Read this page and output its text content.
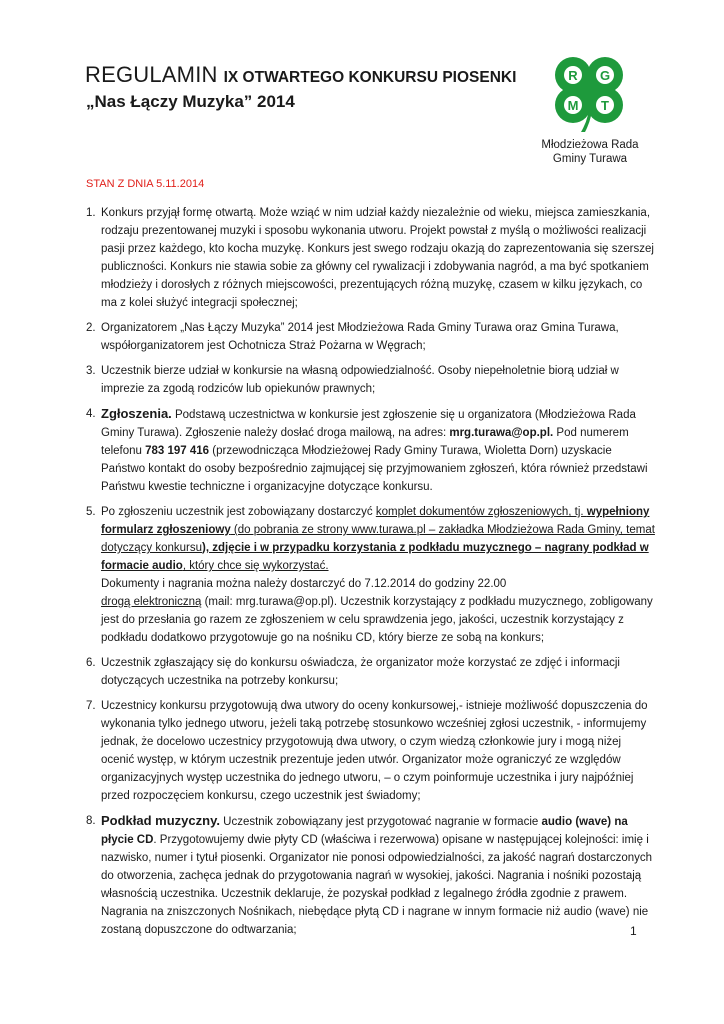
REGULAMIN IX OTWARTEGO KONKURSU PIOSENKI
„Nas Łączy Muzyka” 2014
R G
M T
Młodzieżowa Rada
Gminy Turawa
STAN Z DNIA 5.11.2014
1. Konkurs przyjął formę otwartą. Może wziąć w nim udział każdy niezależnie od wieku, miejsca zamieszkania, rodzaju prezentowanej muzyki i sposobu wykonania utworu. Projekt powstał z myślą o możliwości realizacji pasji przez każdego, kto kocha muzykę. Konkurs jest swego rodzaju okazją do zaprezentowania się szerszej publiczności. Konkurs nie stawia sobie za główny cel rywalizacji i zdobywania nagród, a ma być spotkaniem młodzieży i dorosłych z różnych miejscowości, prezentujących różną muzykę, czasem w kilku językach, co ma z kolei służyć integracji społecznej;
2. Organizatorem „Nas Łączy Muzyka” 2014 jest Młodzieżowa Rada Gminy Turawa oraz Gmina Turawa, współorganizatorem jest Ochotnicza Straż Pożarna w Węgrach;
3. Uczestnik bierze udział w konkursie na własną odpowiedzialność. Osoby niepełnoletnie biorą udział w imprezie za zgodą rodziców lub opiekunów prawnych;
4. Zgłoszenia. Podstawą uczestnictwa w konkursie jest zgłoszenie się u organizatora (Młodzieżowa Rada Gminy Turawa). Zgłoszenie należy dosłać droga mailową, na adres: mrg.turawa@op.pl. Pod numerem telefonu 783 197 416 (przewodnicząca Młodzieżowej Rady Gminy Turawa, Wioletta Dorn) uzyskacie Państwo kontakt do osoby bezpośrednio zajmującej się przyjmowaniem zgłoszeń, która również przedstawi Państwu kwestie techniczne i organizacyjne dotyczące konkursu.
5. Po zgłoszeniu uczestnik jest zobowiązany dostarczyć komplet dokumentów zgłoszeniowych, tj. wypełniony formularz zgłoszeniowy (do pobrania ze strony www.turawa.pl – zakładka Młodzieżowa Rada Gminy, temat dotyczący konkursu), zdjęcie i w przypadku korzystania z podkładu muzycznego – nagrany podkład w formacie audio, który chce się wykorzystać.
Dokumenty i nagrania można należy dostarczyć do 7.12.2014 do godziny 22.00
drogą elektroniczną (mail: mrg.turawa@op.pl). Uczestnik korzystający z podkładu muzycznego, zobligowany jest do przesłania go razem ze zgłoszeniem w celu sprawdzenia jego, jakości, uczestnik korzystający z podkładu dodatkowo przygotowuje go na nośniku CD, który bierze ze sobą na konkurs;
6. Uczestnik zgłaszający się do konkursu oświadcza, że organizator może korzystać ze zdjęć i informacji dotyczących uczestnika na potrzeby konkursu;
7. Uczestnicy konkursu przygotowują dwa utwory do oceny konkursowej,- istnieje możliwość dopuszczenia do wykonania tylko jednego utworu, jeżeli taką potrzebę stosunkowo wcześniej zgłosi uczestnik, - informujemy jednak, że docelowo uczestnicy przygotowują dwa utwory, o czym wiedzą członkowie jury i mogą niżej ocenić występ, w którym uczestnik prezentuje jeden utwór. Organizator może ograniczyć ze względów organizacyjnych występ uczestnika do jednego utworu, – o czym poinformuje uczestnika i jury najpóźniej przed rozpoczęciem konkursu, czego uczestnik jest świadomy;
8. Podkład muzyczny. Uczestnik zobowiązany jest przygotować nagranie w formacie audio (wave) na płycie CD. Przygotowujemy dwie płyty CD (właściwa i rezerwowa) opisane w następującej kolejności: imię i nazwisko, numer i tytuł piosenki. Organizator nie ponosi odpowiedzialności, za jakość nagrań dostarczonych do otworzenia, zachęca jednak do przygotowania nagrań w wysokiej, jakości. Nagrania i nośniki pozostają własnością uczestnika. Uczestnik deklaruje, że pozyskał podkład z legalnego źródła zgodnie z prawem. Nagrania na zniszczonych Nośnikach, niebędące płytą CD i nagrane w innym formacie niż audio (wave) nie zostaną dopuszczone do odtwarzania;	1
